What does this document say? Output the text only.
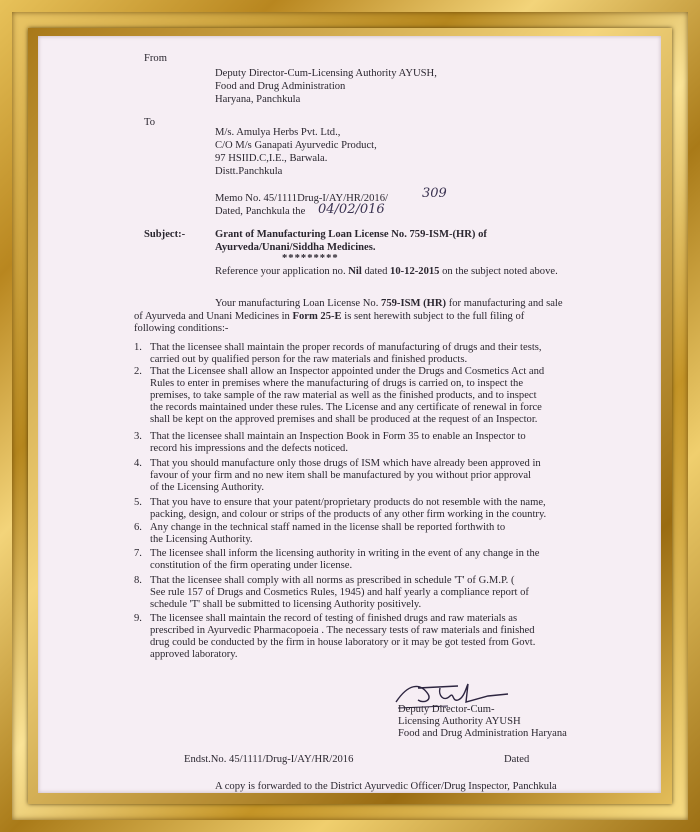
From
Deputy Director-Cum-Licensing Authority AYUSH,
Food and Drug Administration
Haryana, Panchkula
To
M/s. Amulya Herbs Pvt. Ltd.,
C/O M/s Ganapati Ayurvedic Product,
97 HSIID.C,I.E., Barwala.
Distt.Panchkula
Memo No. 45/1111Drug-I/AY/HR/2016/	309
Dated, Panchkula the 04/02/016
Subject:-	Grant of Manufacturing Loan License No. 759-ISM-(HR) of
Ayurveda/Unani/Siddha Medicines.
*********
Reference your application no. Nil dated 10-12-2015 on the subject noted above.
Your manufacturing Loan License No. 759-ISM (HR) for manufacturing and sale
of Ayurveda and Unani Medicines in Form 25-E is sent herewith subject to the full filing of
following conditions:-
1. That the licensee shall maintain the proper records of manufacturing of drugs and their tests,
carried out by qualified person for the raw materials and finished products.
2. That the Licensee shall allow an Inspector appointed under the Drugs and Cosmetics Act and
Rules to enter in premises where the manufacturing of drugs is carried on, to inspect the
premises, to take sample of the raw material as well as the finished products, and to inspect
the records maintained under these rules. The License and any certificate of renewal in force
shall be kept on the approved premises and shall be produced at the request of an Inspector.
3. That the licensee shall maintain an Inspection Book in Form 35 to enable an Inspector to
record his impressions and the defects noticed.
4. That you should manufacture only those drugs of ISM which have already been approved in
favour of your firm and no new item shall be manufactured by you without prior approval
of the Licensing Authority.
5. That you have to ensure that your patent/proprietary products do not resemble with the name,
packing, design, and colour or strips of the products of any other firm working in the country.
6. Any change in the technical staff named in the license shall be reported forthwith to
the Licensing Authority.
7. The licensee shall inform the licensing authority in writing in the event of any change in the
constitution of the firm operating under license.
8. That the licensee shall comply with all norms as prescribed in schedule 'T' of G.M.P. (
See rule 157 of Drugs and Cosmetics Rules, 1945) and half yearly a compliance report of
schedule 'T' shall be submitted to licensing Authority positively.
9. The licensee shall maintain the record of testing of finished drugs and raw materials as
prescribed in Ayurvedic Pharmacopoeia . The necessary tests of raw materials and finished
drug could be conducted by the firm in house laboratory or it may be got tested from Govt.
approved laboratory.
Deputy Director-Cum-
Licensing Authority AYUSH
Food and Drug Administration Haryana
Endst.No. 45/1111/Drug-I/AY/HR/2016	Dated
A copy is forwarded to the District Ayurvedic Officer/Drug Inspector, Panchkula
